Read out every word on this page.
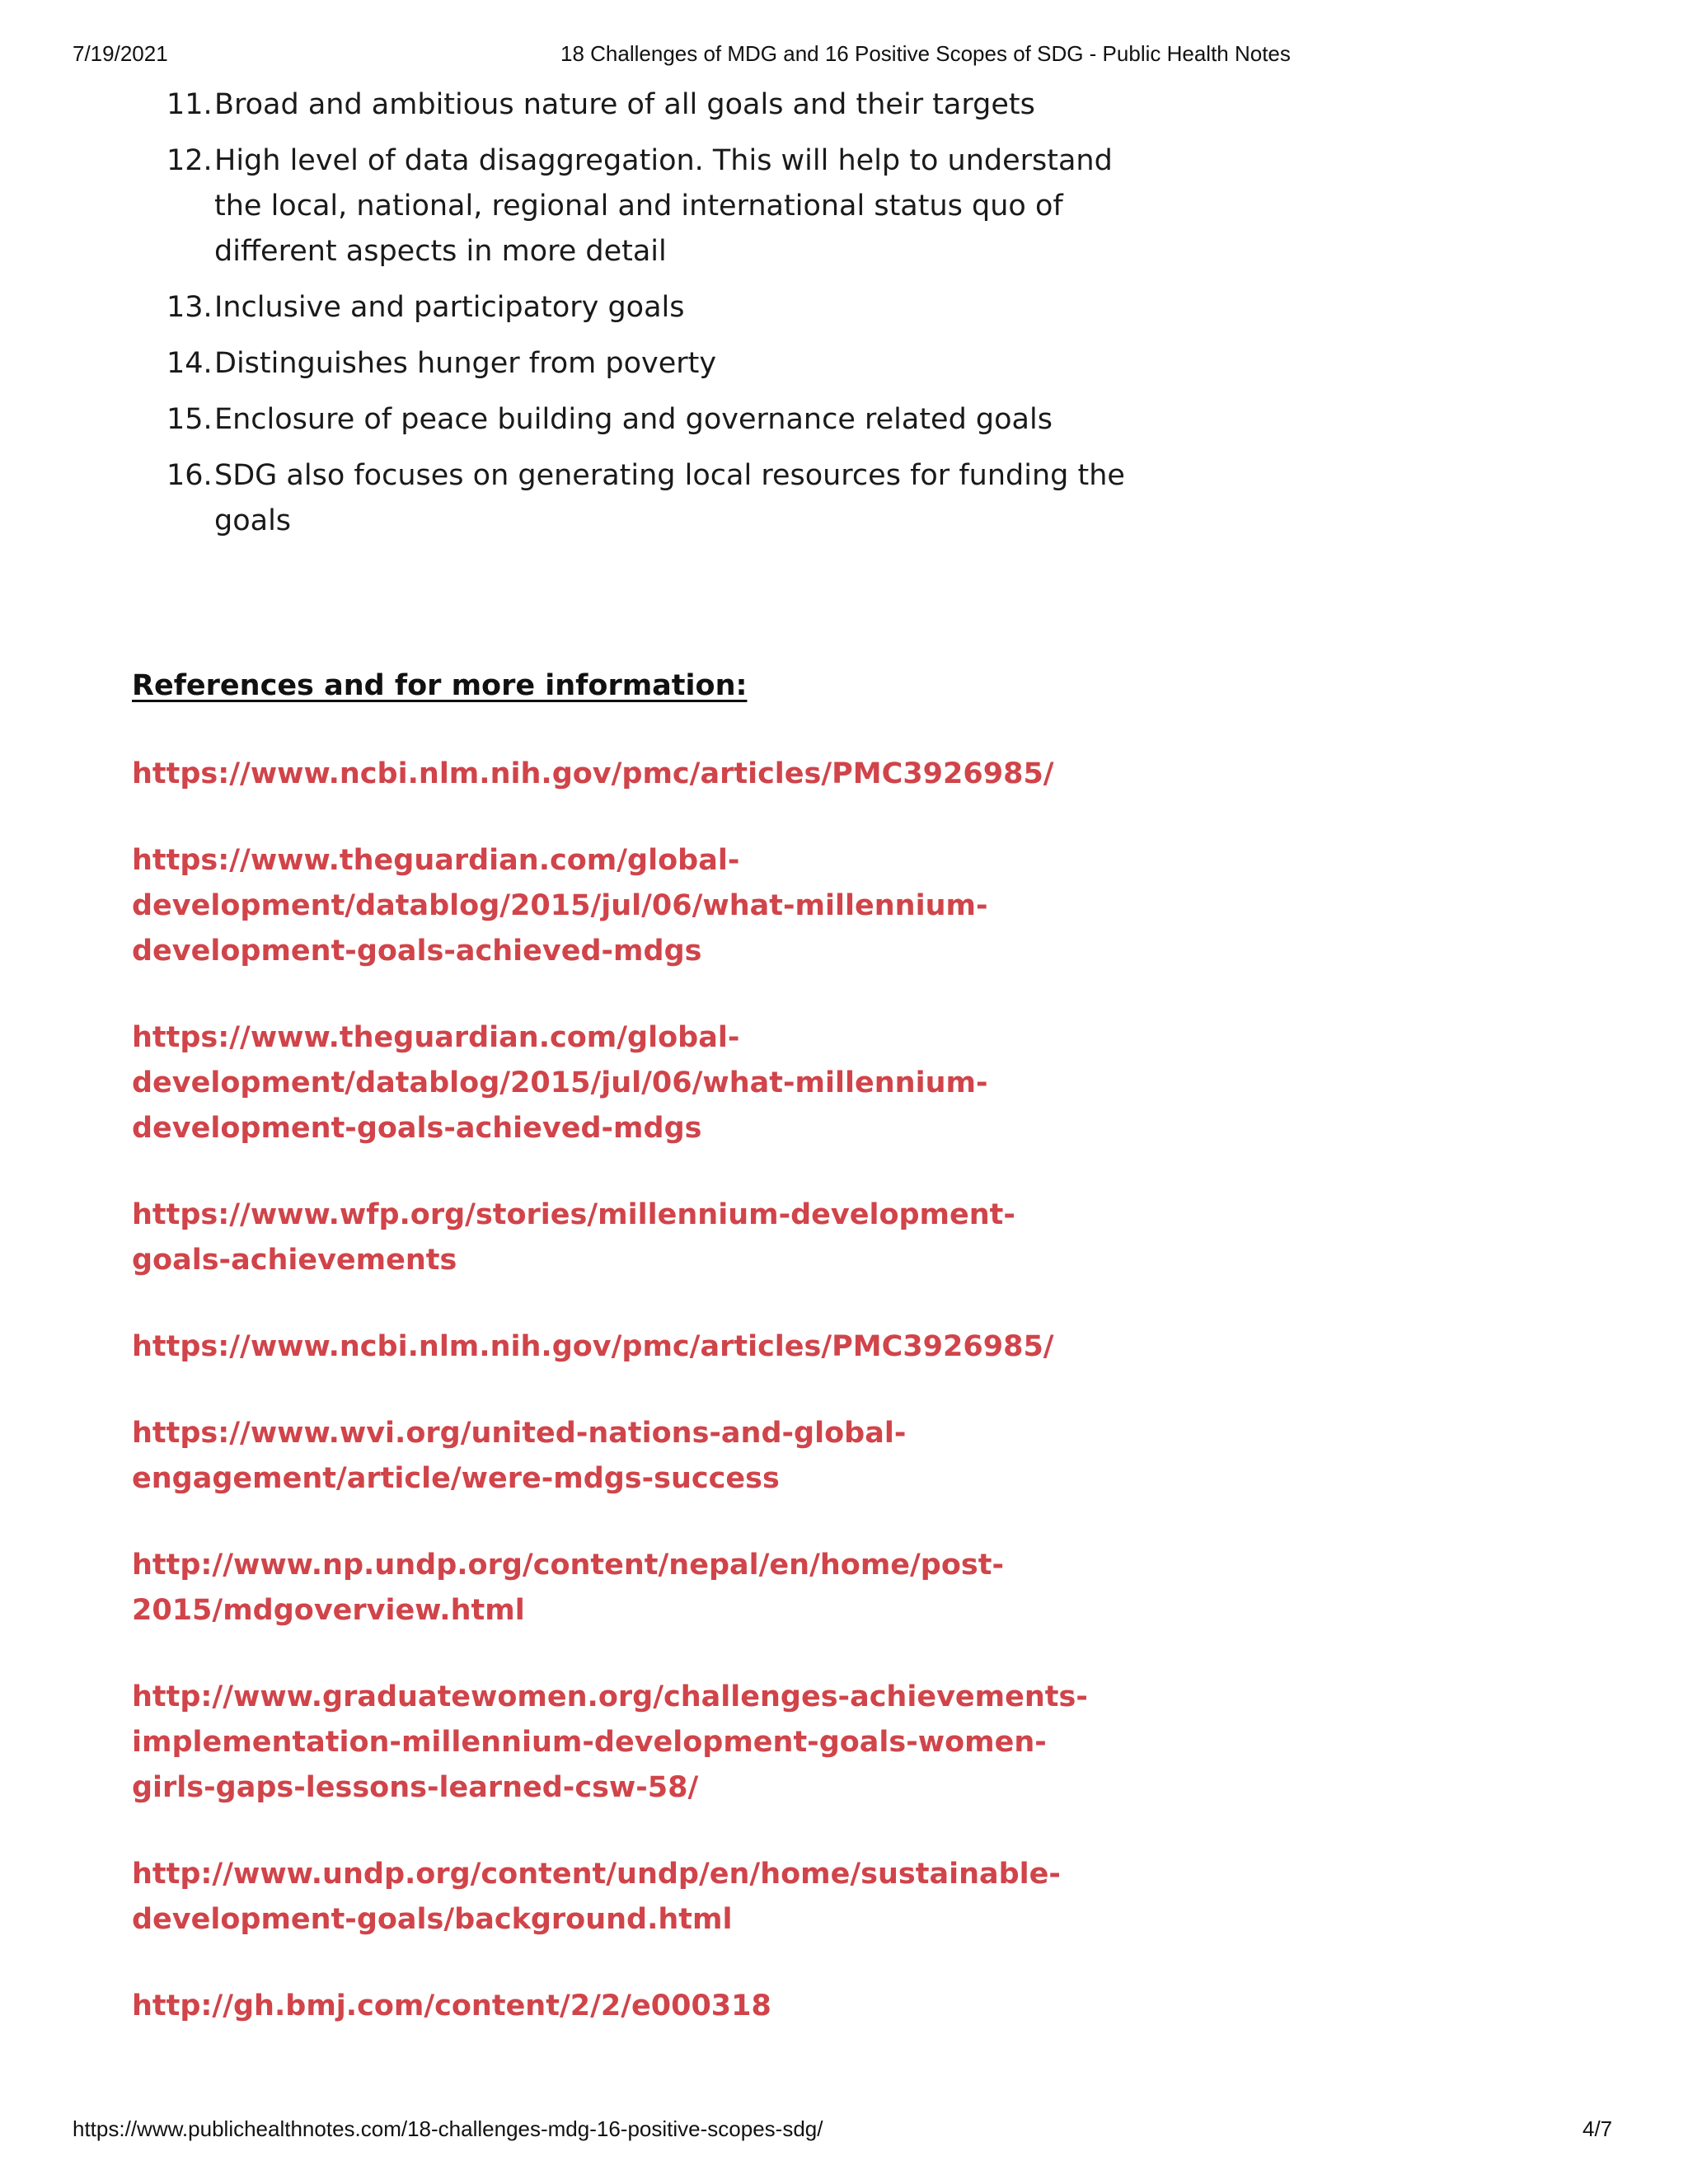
7/19/2021	18 Challenges of MDG and 16 Positive Scopes of SDG - Public Health Notes
11. Broad and ambitious nature of all goals and their targets
12. High level of data disaggregation. This will help to understand the local, national, regional and international status quo of different aspects in more detail
13. Inclusive and participatory goals
14. Distinguishes hunger from poverty
15. Enclosure of peace building and governance related goals
16. SDG also focuses on generating local resources for funding the goals
References and for more information:
https://www.ncbi.nlm.nih.gov/pmc/articles/PMC3926985/
https://www.theguardian.com/global-development/datablog/2015/jul/06/what-millennium-development-goals-achieved-mdgs
https://www.theguardian.com/global-development/datablog/2015/jul/06/what-millennium-development-goals-achieved-mdgs
https://www.wfp.org/stories/millennium-development-goals-achievements
https://www.ncbi.nlm.nih.gov/pmc/articles/PMC3926985/
https://www.wvi.org/united-nations-and-global-engagement/article/were-mdgs-success
http://www.np.undp.org/content/nepal/en/home/post-2015/mdgoverview.html
http://www.graduatewomen.org/challenges-achievements-implementation-millennium-development-goals-women-girls-gaps-lessons-learned-csw-58/
http://www.undp.org/content/undp/en/home/sustainable-development-goals/background.html
http://gh.bmj.com/content/2/2/e000318
https://www.publichealthnotes.com/18-challenges-mdg-16-positive-scopes-sdg/	4/7
